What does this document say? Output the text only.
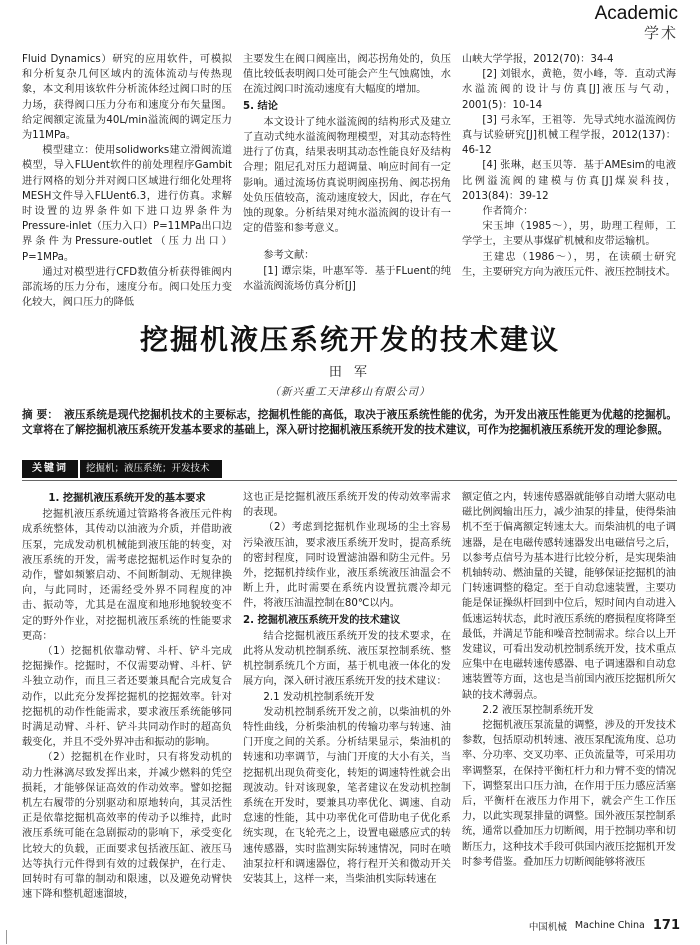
Academic
学术

Fluid Dynamics）研究的应用软件，可模拟和分析复杂几何区域内的流体流动与传热现象，本文利用该软件分析流体经过阀口时的压力场，获得阀口压力分布和速度分布矢量图。给定阀额定流量为40L/min溢流阀的调定压力为11MPa。

模型建立：使用solidworks建立滑阀流道模型，导入FLUent软件的前处理程序Gambit进行网格的划分并对阀口区域进行细化处理将MESH文件导入FLUent6.3，进行仿真。求解时设置的边界条件如下进口边界条件为Pressure-inlet（压力入口）P=11MPa出口边界条件为Pressure-outlet（压力出口）P=1MPa。

通过对模型进行CFD数值分析获得锥阀内部流场的压力分布，速度分布。阀口处压力变化较大，阀口压力的降低

主要发生在阀口阀座出，阀芯拐角处的，负压值比较低表明阀口处可能会产生气蚀腐蚀，水在流过阀口时流动速度有大幅度的增加。

5. 结论

本文设计了纯水溢流阀的结构形式及建立了直动式纯水溢流阀物理模型，对其动态特性进行了仿真，结果表明其动态性能良好及结构合理；阻尼孔对压力超调量、响应时间有一定影响。通过流场仿真说明阀座拐角、阀芯拐角处负压值较高，流动速度较大，因此，存在气蚀的现象。分析结果对纯水溢流阀的设计有一定的借鉴和参考意义。

参考文献：

[1] 谭宗柒，叶惠军等．基于FLuent的纯水溢流阀流场仿真分析[J]

山峡大学学报，2012(70)：34-4

[2] 刘银水，黄艳，贺小峰，等．直动式海水溢流阀的设计与仿真[J]液压与气动，2001(5)：10-14

[3] 弓永军，王祖等．先导式纯水溢流阀仿真与试验研究[J]机械工程学报，2012(137)：46-12

[4] 张琳，赵玉贝等．基于AMEsim的电液比例溢流阀的建模与仿真[J]煤炭科技，2013(84)：39-12

作者简介：

宋玉坤（1985～），男，助理工程师，工学学士，主要从事煤矿机械和皮带运输机。

王建忠（1986～），男，在读硕士研究生，主要研究方向为液压元件、液压控制技术。

挖掘机液压系统开发的技术建议
田 军
（新兴重工天津移山有限公司）
摘 要： 液压系统是现代挖掘机技术的主要标志，挖掘机性能的高低，取决于液压系统性能的优劣，为开发出液压性能更为优越的挖掘机。文章将在了解挖掘机液压系统开发基本要求的基础上，深入研讨挖掘机液压系统开发的技术建议，可作为挖掘机液压系统开发的理论参照。
关键词	挖掘机；液压系统；开发技术
1. 挖掘机液压系统开发的基本要求

挖掘机液压系统通过管路将各液压元件构成系统整体，其传动以油液为介质，并借助液压泵，完成发动机机械能到液压能的转变，对液压系统的开发，需考虑挖掘机运作时复杂的动作，譬如频繁启动、不间断制动、无规律换向，与此同时，还需经受外界不同程度的冲击、振动等，尤其是在温度和地形地貌较变不定的野外作业，对挖掘机液压系统的性能要求更高：

（1）挖掘机依靠动臂、斗杆、铲斗完成挖掘操作。挖掘时，不仅需要动臂、斗杆、铲斗独立动作，而且三者还要兼具配合完成复合动作，以此充分发挥挖掘机的挖掘效率。针对挖掘机的动作性能需求，要求液压系统能够同时满足动臂、斗杆、铲斗共同动作时的超高负载变化，并且不受外界冲击和振动的影响。

（2）挖掘机在作业时，只有将发动机的动力性淋漓尽致发挥出来，并减少燃料的凭空损耗，才能够保证高效的作动效率。譬如挖掘机左右履带的分别驱动和原地转向，其灵活性正是依靠挖掘机高效率的传动予以维持，此时液压系统可能在急剧振动的影响下，承受变化比较大的负载，正面要求包括液压缸、液压马达等执行元件得到有效的过载保护，在行走、回转时有可靠的制动和限速，以及避免动臂快速下降和整机超速溜坡，

这也正是挖掘机液压系统开发的传动效率需求的表现。

（2）考虑到挖掘机作业现场的尘土容易污染液压油，要求液压系统开发时，提高系统的密封程度，同时设置滤油器和防尘元件。另外，挖掘机持续作业，液压系统液压油温会不断上升，此时需要在系统内设置抗震冷却元件，将液压油温控制在80℃以内。

2. 挖掘机液压系统开发的技术建议

结合挖掘机液压系统开发的技术要求，在此将从发动机控制系统、液压泵控制系统、整机控制系统几个方面，基于机电液一体化的发展方向，深入研讨液压系统开发的技术建议：

2.1 发动机控制系统开发

发动机控制系统开发之前，以柴油机的外特性曲线，分析柴油机的传输功率与转速、油门开度之间的关系。分析结果显示，柴油机的转速和功率调节，与油门开度的大小有关，当挖掘机出现负荷变化，转矩的调速特性就会出现波动。针对该现象，笔者建议在发动机控制系统在开发时，要兼具功率优化、调速、自动怠速的性能，其中功率优化可借助电子优化系统实现，在飞轮壳之上，设置电磁感应式的转速传感器，实时监测实际转速情况，同时在喷油泵拉杆和调速器位，将行程开关和微动开关安装其上，这样一来，当柴油机实际转速在

额定值之内，转速传感器就能够自动增大驱动电磁比例阀输出压力，减少油泵的排量，使得柴油机不至于偏离额定转速太大。而柴油机的电子调速器，是在电磁传感转速器发出电磁信号之后，以参考点信号为基本进行比较分析，是实现柴油机轴转动、燃油量的关键，能够保证挖掘机的油门转速调整的稳定。至于自动怠速装置，主要功能是保证操纵杆回到中位后，短时间内自动进入低速运转状态，此时液压系统的磨损程度将降至最低，并满足节能和噪音控制需求。综合以上开发建议，可看出发动机控制系统开发，技术重点应集中在电磁转速传感器、电子调速器和自动怠速装置等方面，这也是当前国内液压挖掘机所欠缺的技术薄弱点。

2.2 液压泵控制系统开发

挖掘机液压泵流量的调整，涉及的开发技术参数，包括原动机转速、液压泵配流角度、总功率、分功率、交叉功率、正负流量等，可采用功率调整泵，在保持平衡杠杆力和力臂不变的情况下，调整泵出口压力油，在作用于压力感应活塞后，平衡杆在液压力作用下，就会产生工作压力，以此实现泵排量的调整。国外液压泵控制系统，通常以叠加压力切断阀，用于控制功率和切断压力，这种技术手段可供国内液压挖掘机开发时参考借鉴。叠加压力切断阀能够将液压

中国机械 Machine China 171
